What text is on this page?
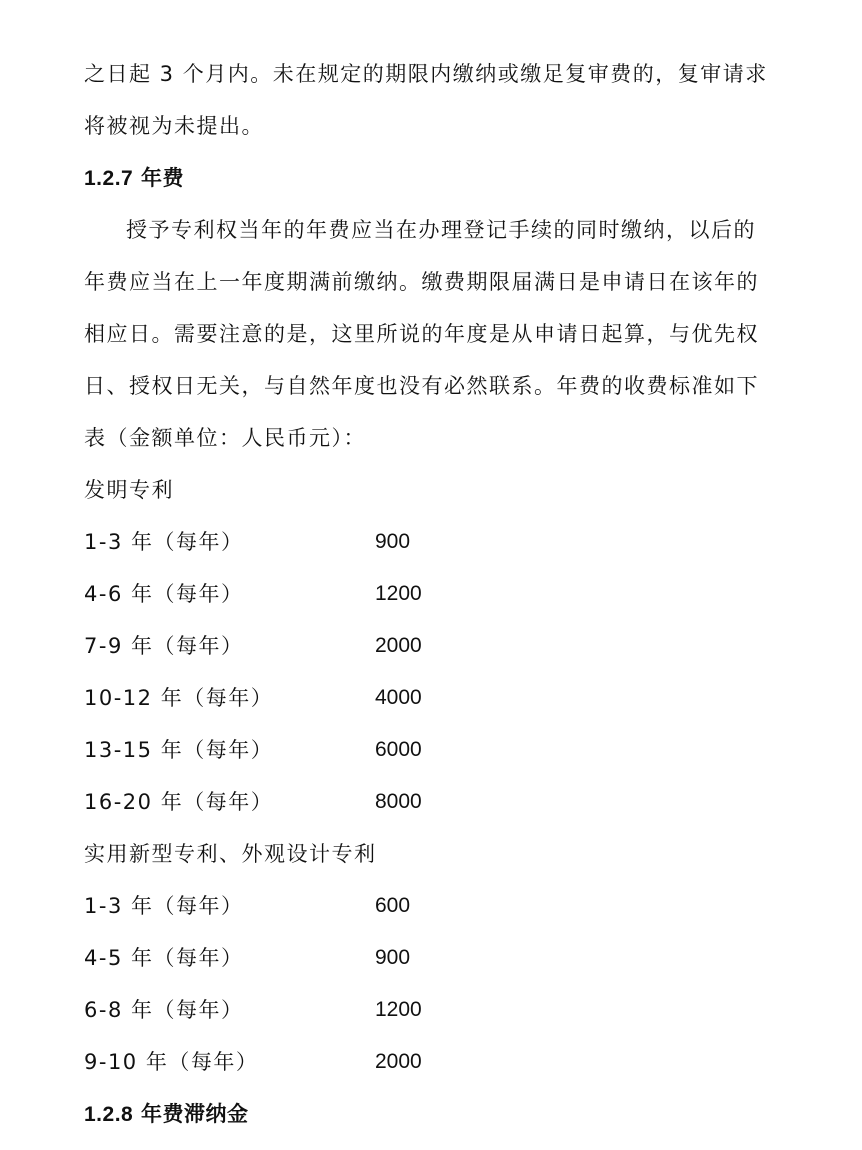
之日起 3 个月内。未在规定的期限内缴纳或缴足复审费的，复审请求
将被视为未提出。
1.2.7 年费
授予专利权当年的年费应当在办理登记手续的同时缴纳，以后的
年费应当在上一年度期满前缴纳。缴费期限届满日是申请日在该年的
相应日。需要注意的是，这里所说的年度是从申请日起算，与优先权
日、授权日无关，与自然年度也没有必然联系。年费的收费标准如下
表（金额单位：人民币元）：
发明专利
1-3 年（每年）	900
4-6 年（每年）	1200
7-9 年（每年）	2000
10-12 年（每年）	4000
13-15 年（每年）	6000
16-20 年（每年）	8000
实用新型专利、外观设计专利
1-3 年（每年）	600
4-5 年（每年）	900
6-8 年（每年）	1200
9-10 年（每年）	2000
1.2.8 年费滞纳金
